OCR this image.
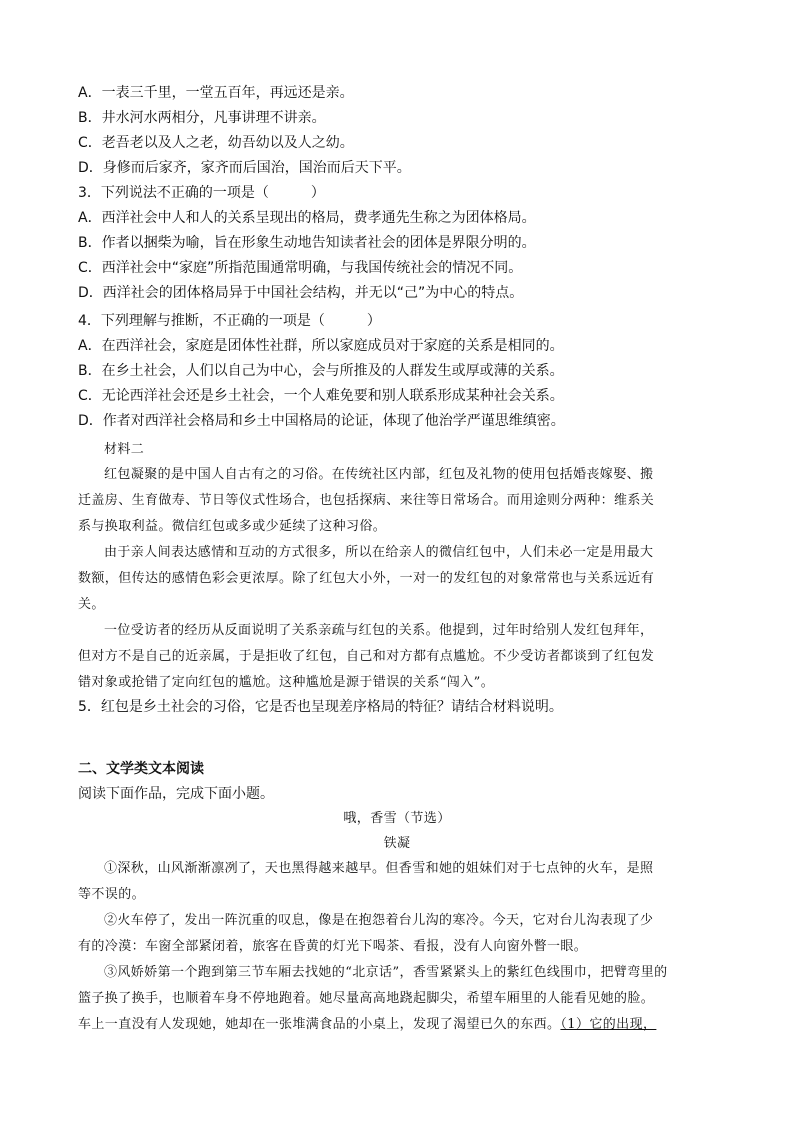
A．一表三千里，一堂五百年，再远还是亲。
B．井水河水两相分，凡事讲理不讲亲。
C．老吾老以及人之老，幼吾幼以及人之幼。
D．身修而后家齐，家齐而后国治，国治而后天下平。
3．下列说法不正确的一项是（　　　）
A．西洋社会中人和人的关系呈现出的格局，费孝通先生称之为团体格局。
B．作者以捆柴为喻，旨在形象生动地告知读者社会的团体是界限分明的。
C．西洋社会中“家庭”所指范围通常明确，与我国传统社会的情况不同。
D．西洋社会的团体格局异于中国社会结构，并无以“己”为中心的特点。
4．下列理解与推断，不正确的一项是（　　　）
A．在西洋社会，家庭是团体性社群，所以家庭成员对于家庭的关系是相同的。
B．在乡土社会，人们以自己为中心，会与所推及的人群发生或厚或薄的关系。
C．无论西洋社会还是乡土社会，一个人难免要和别人联系形成某种社会关系。
D．作者对西洋社会格局和乡土中国格局的论证，体现了他治学严谨思维缜密。
材料二
红包凝聚的是中国人自古有之的习俗。在传统社区内部，红包及礼物的使用包括婚丧嫁娶、搬
迁盖房、生育做寿、节日等仪式性场合，也包括探病、来往等日常场合。而用途则分两种：维系关
系与换取利益。微信红包或多或少延续了这种习俗。
由于亲人间表达感情和互动的方式很多，所以在给亲人的微信红包中，人们未必一定是用最大
数额，但传达的感情色彩会更浓厚。除了红包大小外，一对一的发红包的对象常常也与关系远近有
关。
一位受访者的经历从反面说明了关系亲疏与红包的关系。他提到，过年时给别人发红包拜年，
但对方不是自己的近亲属，于是拒收了红包，自己和对方都有点尴尬。不少受访者都谈到了红包发
错对象或抢错了定向红包的尴尬。这种尴尬是源于错误的关系“闯入”。
5．红包是乡土社会的习俗，它是否也呈现差序格局的特征？请结合材料说明。
二、文学类文本阅读
阅读下面作品，完成下面小题。
哦，香雪（节选）
铁凝
①深秋，山风渐渐凛冽了，天也黑得越来越早。但香雪和她的姐妹们对于七点钟的火车，是照
等不误的。
②火车停了，发出一阵沉重的叹息，像是在抱怨着台儿沟的寒冷。今天，它对台儿沟表现了少
有的冷漠：车窗全部紧闭着，旅客在昏黄的灯光下喝茶、看报，没有人向窗外瞥一眼。
③风娇娇第一个跑到第三节车厢去找她的“北京话”，香雪紧紧头上的紫红色线围巾，把臂弯里的
篮子换了换手，也顺着车身不停地跑着。她尽量高高地跷起脚尖，希望车厢里的人能看见她的脸。
车上一直没有人发现她，她却在一张堆满食品的小桌上，发现了渴望已久的东西。（1）它的出现，
